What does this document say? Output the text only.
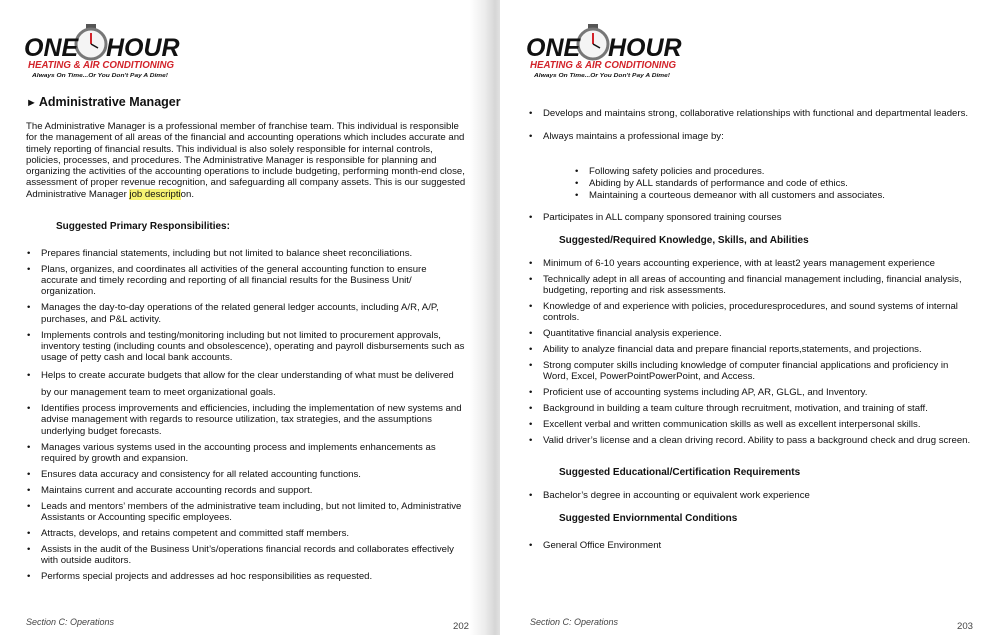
ONE HOUR
HEATING & AIR CONDITIONING
Always On Time...Or You Don't Pay A Dime!
► Administrative Manager
The Administrative Manager is a professional member of franchise team. This individual is responsible for the management of all areas of the financial and accounting operations which includes accurate and timely reporting of financial results. This individual is also solely responsible for internal controls, policies, processes, and procedures. The Administrative Manager is responsible for planning and organizing the activities of the accounting operations to include budgeting, performing month-end close, assessment of proper revenue recognition, and safeguarding all company assets. This is our suggested Administrative Manager job description.
Suggested Primary Responsibilities:
• Prepares financial statements, including but not limited to balance sheet reconciliations.
• Plans, organizes, and coordinates all activities of the general accounting function to ensure accurate and timely recording and reporting of all financial results for the Business Unit/ organization.
• Manages the day-to-day operations of the related general ledger accounts, including A/R, A/P, purchases, and P&L activity.
• Implements controls and testing/monitoring including but not limited to procurement approvals, inventory testing (including counts and obsolescence), operating and payroll disbursements such as usage of petty cash and local bank accounts.
• Helps to create accurate budgets that allow for the clear understanding of what must be delivered by our management team to meet organizational goals.
• Identifies process improvements and efficiencies, including the implementation of new systems and advise management with regards to resource utilization, tax strategies, and the assumptions underlying budget forecasts.
• Manages various systems used in the accounting process and implements enhancements as required by growth and expansion.
• Ensures data accuracy and consistency for all related accounting functions.
• Maintains current and accurate accounting records and support.
• Leads and mentors’ members of the administrative team including, but not limited to, Administrative Assistants or Accounting specific employees.
• Attracts, develops, and retains competent and committed staff members.
• Assists in the audit of the Business Unit’s/operations financial records and collaborates effectively with outside auditors.
• Performs special projects and addresses ad hoc responsibilities as requested.
Section C: Operations	202
ONE HOUR
HEATING & AIR CONDITIONING
Always On Time...Or You Don't Pay A Dime!
• Develops and maintains strong, collaborative relationships with functional and departmental leaders.
• Always maintains a professional image by:
• Following safety policies and procedures.
• Abiding by ALL standards of performance and code of ethics.
• Maintaining a courteous demeanor with all customers and associates.
• Participates in ALL company sponsored training courses
Suggested/Required Knowledge, Skills, and Abilities
• Minimum of 6-10 years accounting experience, with at least2 years management experience
• Technically adept in all areas of accounting and financial management including, financial analysis, budgeting, reporting and risk assessments.
• Knowledge of and experience with policies, proceduresprocedures, and sound systems of internal controls.
• Quantitative financial analysis experience.
• Ability to analyze financial data and prepare financial reports,statements, and projections.
• Strong computer skills including knowledge of computer financial applications and proficiency in Word, Excel, PowerPointPowerPoint, and Access.
• Proficient use of accounting systems including AP, AR, GLGL, and Inventory.
• Background in building a team culture through recruitment, motivation, and training of staff.
• Excellent verbal and written communication skills as well as excellent interpersonal skills.
• Valid driver’s license and a clean driving record. Ability to pass a background check and drug screen.
Suggested Educational/Certification Requirements
• Bachelor’s degree in accounting or equivalent work experience
Suggested Enviornmental Conditions
• General Office Environment
Section C: Operations	203
